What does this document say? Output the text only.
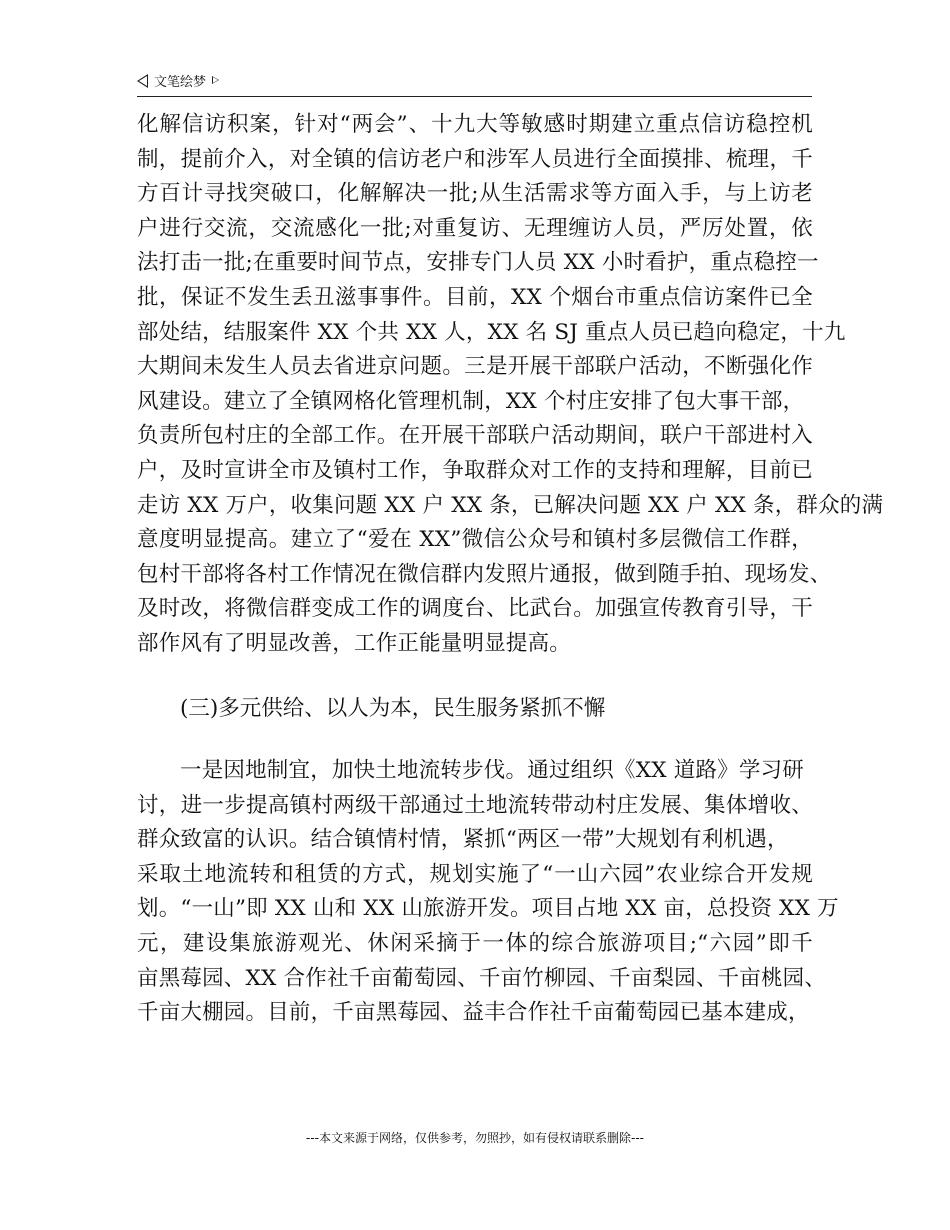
文笔绘梦
化解信访积案，针对“两会”、十九大等敏感时期建立重点信访稳控机
制，提前介入，对全镇的信访老户和涉军人员进行全面摸排、梳理，千
方百计寻找突破口，化解解决一批;从生活需求等方面入手，与上访老
户进行交流，交流感化一批;对重复访、无理缠访人员，严厉处置，依
法打击一批;在重要时间节点，安排专门人员 XX 小时看护，重点稳控一
批，保证不发生丢丑滋事事件。目前，XX 个烟台市重点信访案件已全
部处结，结服案件 XX 个共 XX 人，XX 名 SJ 重点人员已趋向稳定，十九
大期间未发生人员去省进京问题。三是开展干部联户活动，不断强化作
风建设。建立了全镇网格化管理机制，XX 个村庄安排了包大事干部，
负责所包村庄的全部工作。在开展干部联户活动期间，联户干部进村入
户，及时宣讲全市及镇村工作，争取群众对工作的支持和理解，目前已
走访 XX 万户，收集问题 XX 户 XX 条，已解决问题 XX 户 XX 条，群众的满
意度明显提高。建立了“爱在 XX”微信公众号和镇村多层微信工作群，
包村干部将各村工作情况在微信群内发照片通报，做到随手拍、现场发、
及时改，将微信群变成工作的调度台、比武台。加强宣传教育引导，干
部作风有了明显改善，工作正能量明显提高。
(三)多元供给、以人为本，民生服务紧抓不懈
一是因地制宜，加快土地流转步伐。通过组织《XX 道路》学习研
讨，进一步提高镇村两级干部通过土地流转带动村庄发展、集体增收、
群众致富的认识。结合镇情村情，紧抓“两区一带”大规划有利机遇，
采取土地流转和租赁的方式，规划实施了“一山六园”农业综合开发规
划。“一山”即 XX 山和 XX 山旅游开发。项目占地 XX 亩，总投资 XX 万
元，建设集旅游观光、休闲采摘于一体的综合旅游项目;“六园”即千
亩黑莓园、XX 合作社千亩葡萄园、千亩竹柳园、千亩梨园、千亩桃园、
千亩大棚园。目前，千亩黑莓园、益丰合作社千亩葡萄园已基本建成，
---本文来源于网络，仅供参考，勿照抄，如有侵权请联系删除---
